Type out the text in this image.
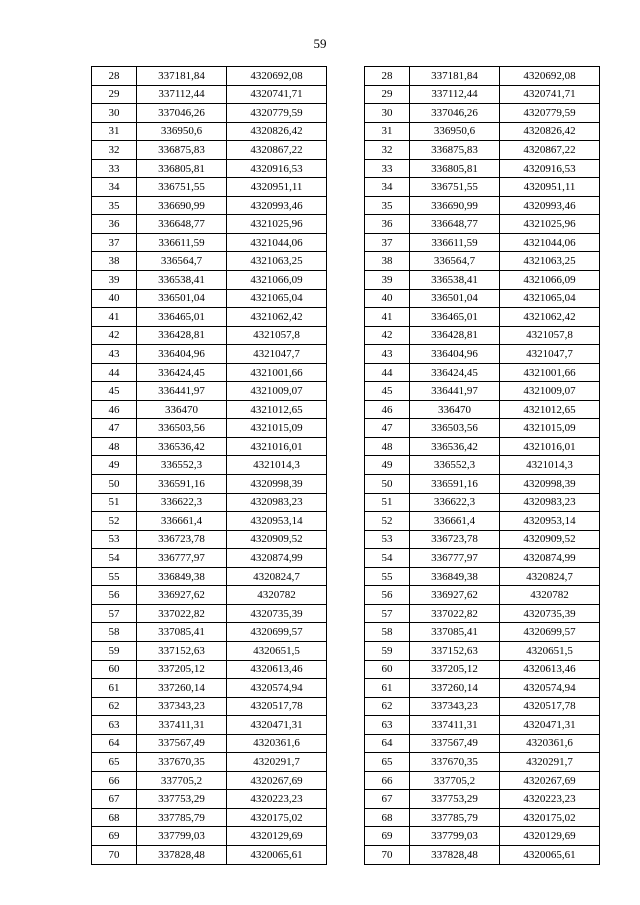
59
28	337181,84	4320692,08
29	337112,44	4320741,71
30	337046,26	4320779,59
31	336950,6	4320826,42
32	336875,83	4320867,22
33	336805,81	4320916,53
34	336751,55	4320951,11
35	336690,99	4320993,46
36	336648,77	4321025,96
37	336611,59	4321044,06
38	336564,7	4321063,25
39	336538,41	4321066,09
40	336501,04	4321065,04
41	336465,01	4321062,42
42	336428,81	4321057,8
43	336404,96	4321047,7
44	336424,45	4321001,66
45	336441,97	4321009,07
46	336470	4321012,65
47	336503,56	4321015,09
48	336536,42	4321016,01
49	336552,3	4321014,3
50	336591,16	4320998,39
51	336622,3	4320983,23
52	336661,4	4320953,14
53	336723,78	4320909,52
54	336777,97	4320874,99
55	336849,38	4320824,7
56	336927,62	4320782
57	337022,82	4320735,39
58	337085,41	4320699,57
59	337152,63	4320651,5
60	337205,12	4320613,46
61	337260,14	4320574,94
62	337343,23	4320517,78
63	337411,31	4320471,31
64	337567,49	4320361,6
65	337670,35	4320291,7
66	337705,2	4320267,69
67	337753,29	4320223,23
68	337785,79	4320175,02
69	337799,03	4320129,69
70	337828,48	4320065,61
28	337181,84	4320692,08
29	337112,44	4320741,71
30	337046,26	4320779,59
31	336950,6	4320826,42
32	336875,83	4320867,22
33	336805,81	4320916,53
34	336751,55	4320951,11
35	336690,99	4320993,46
36	336648,77	4321025,96
37	336611,59	4321044,06
38	336564,7	4321063,25
39	336538,41	4321066,09
40	336501,04	4321065,04
41	336465,01	4321062,42
42	336428,81	4321057,8
43	336404,96	4321047,7
44	336424,45	4321001,66
45	336441,97	4321009,07
46	336470	4321012,65
47	336503,56	4321015,09
48	336536,42	4321016,01
49	336552,3	4321014,3
50	336591,16	4320998,39
51	336622,3	4320983,23
52	336661,4	4320953,14
53	336723,78	4320909,52
54	336777,97	4320874,99
55	336849,38	4320824,7
56	336927,62	4320782
57	337022,82	4320735,39
58	337085,41	4320699,57
59	337152,63	4320651,5
60	337205,12	4320613,46
61	337260,14	4320574,94
62	337343,23	4320517,78
63	337411,31	4320471,31
64	337567,49	4320361,6
65	337670,35	4320291,7
66	337705,2	4320267,69
67	337753,29	4320223,23
68	337785,79	4320175,02
69	337799,03	4320129,69
70	337828,48	4320065,61
